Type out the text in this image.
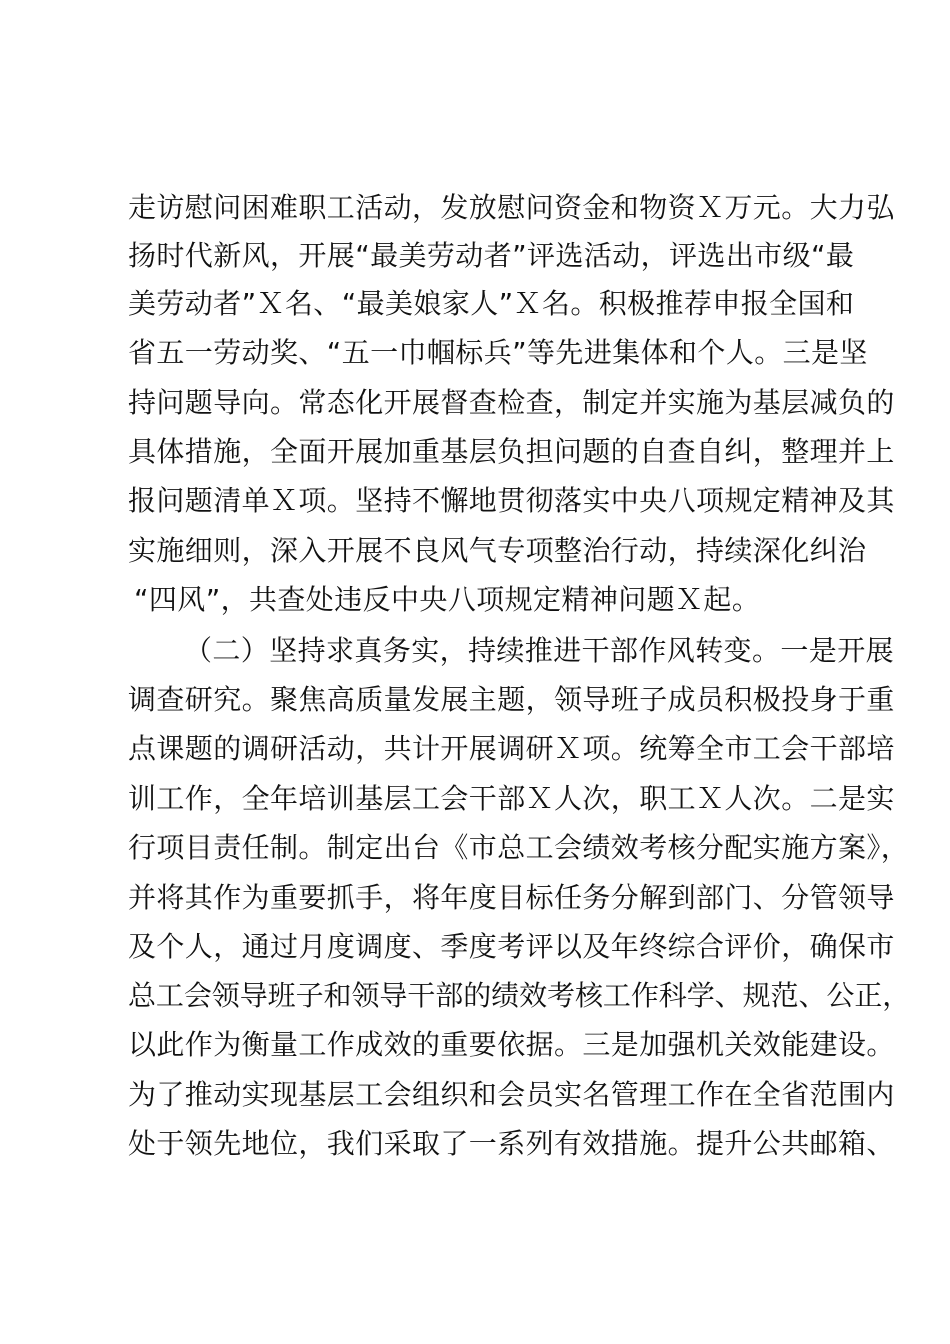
走访慰问困难职工活动，发放慰问资金和物资Ｘ万元。大力弘
扬时代新风，开展“最美劳动者”评选活动，评选出市级“最
美劳动者”Ｘ名、“最美娘家人”Ｘ名。积极推荐申报全国和
省五一劳动奖、“五一巾帼标兵”等先进集体和个人。三是坚
持问题导向。常态化开展督查检查，制定并实施为基层减负的
具体措施，全面开展加重基层负担问题的自查自纠，整理并上
报问题清单Ｘ项。坚持不懈地贯彻落实中央八项规定精神及其
实施细则，深入开展不良风气专项整治行动，持续深化纠治
“四风”，共查处违反中央八项规定精神问题Ｘ起。
（二）坚持求真务实，持续推进干部作风转变。一是开展
调查研究。聚焦高质量发展主题，领导班子成员积极投身于重
点课题的调研活动，共计开展调研Ｘ项。统筹全市工会干部培
训工作，全年培训基层工会干部Ｘ人次，职工Ｘ人次。二是实
行项目责任制。制定出台《市总工会绩效考核分配实施方案》，
并将其作为重要抓手，将年度目标任务分解到部门、分管领导
及个人，通过月度调度、季度考评以及年终综合评价，确保市
总工会领导班子和领导干部的绩效考核工作科学、规范、公正，
以此作为衡量工作成效的重要依据。三是加强机关效能建设。
为了推动实现基层工会组织和会员实名管理工作在全省范围内
处于领先地位，我们采取了一系列有效措施。提升公共邮箱、
